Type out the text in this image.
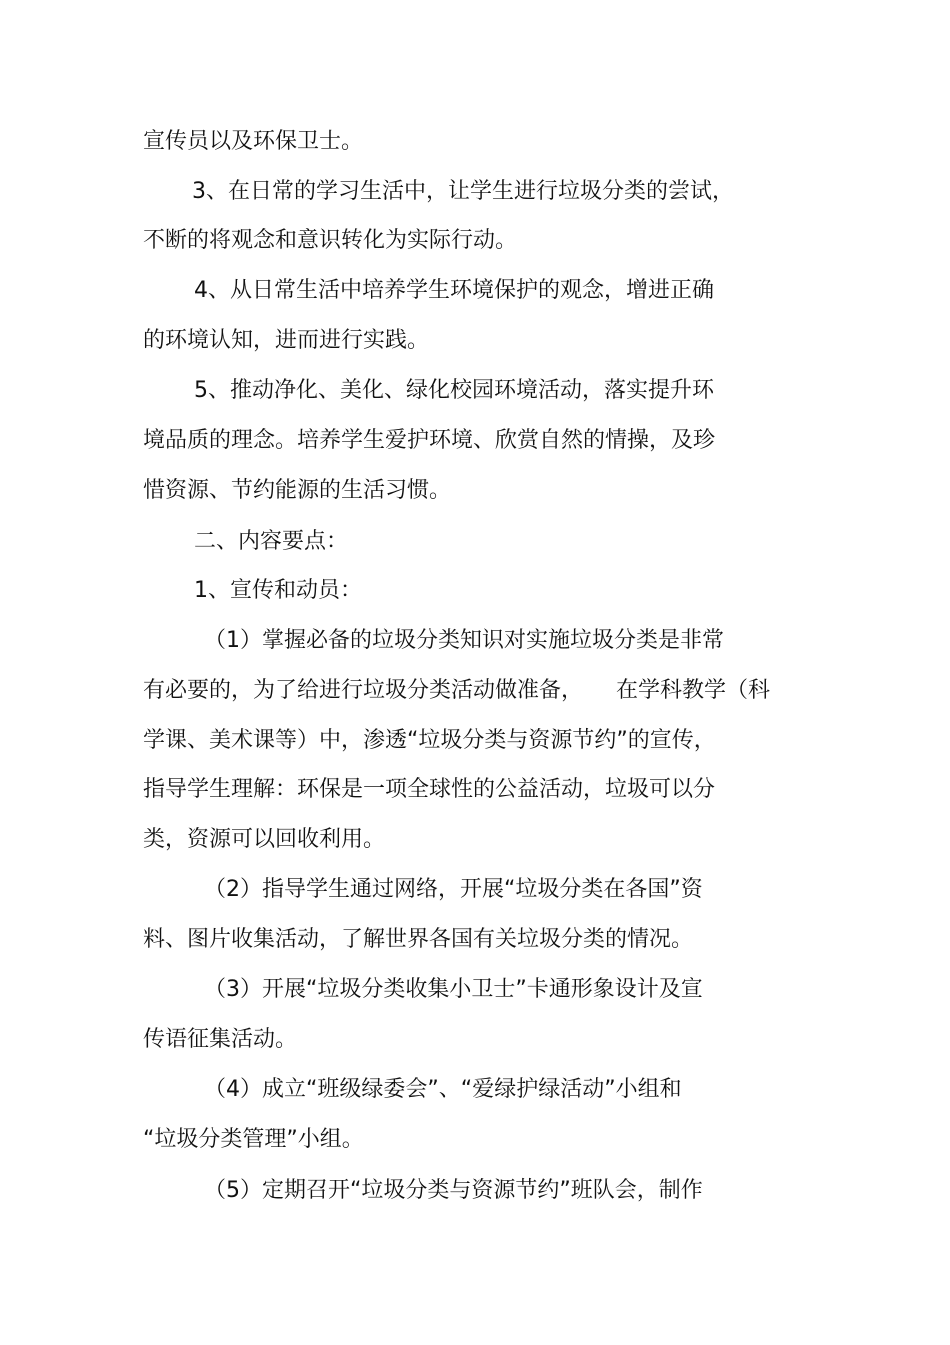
宣传员以及环保卫士。
3、在日常的学习生活中，让学生进行垃圾分类的尝试，
不断的将观念和意识转化为实际行动。
4、从日常生活中培养学生环境保护的观念，增进正确
的环境认知，进而进行实践。
5、推动净化、美化、绿化校园环境活动，落实提升环
境品质的理念。培养学生爱护环境、欣赏自然的情操，及珍
惜资源、节约能源的生活习惯。
二、内容要点：
1、宣传和动员：
（1）掌握必备的垃圾分类知识对实施垃圾分类是非常
有必要的，为了给进行垃圾分类活动做准备，　　在学科教学（科
学课、美术课等）中，渗透“垃圾分类与资源节约”的宣传，
指导学生理解：环保是一项全球性的公益活动，垃圾可以分
类，资源可以回收利用。
（2）指导学生通过网络，开展“垃圾分类在各国”资
料、图片收集活动，了解世界各国有关垃圾分类的情况。
（3）开展“垃圾分类收集小卫士”卡通形象设计及宣
传语征集活动。
（4）成立“班级绿委会”、“爱绿护绿活动”小组和
“垃圾分类管理”小组。
（5）定期召开“垃圾分类与资源节约”班队会，制作
